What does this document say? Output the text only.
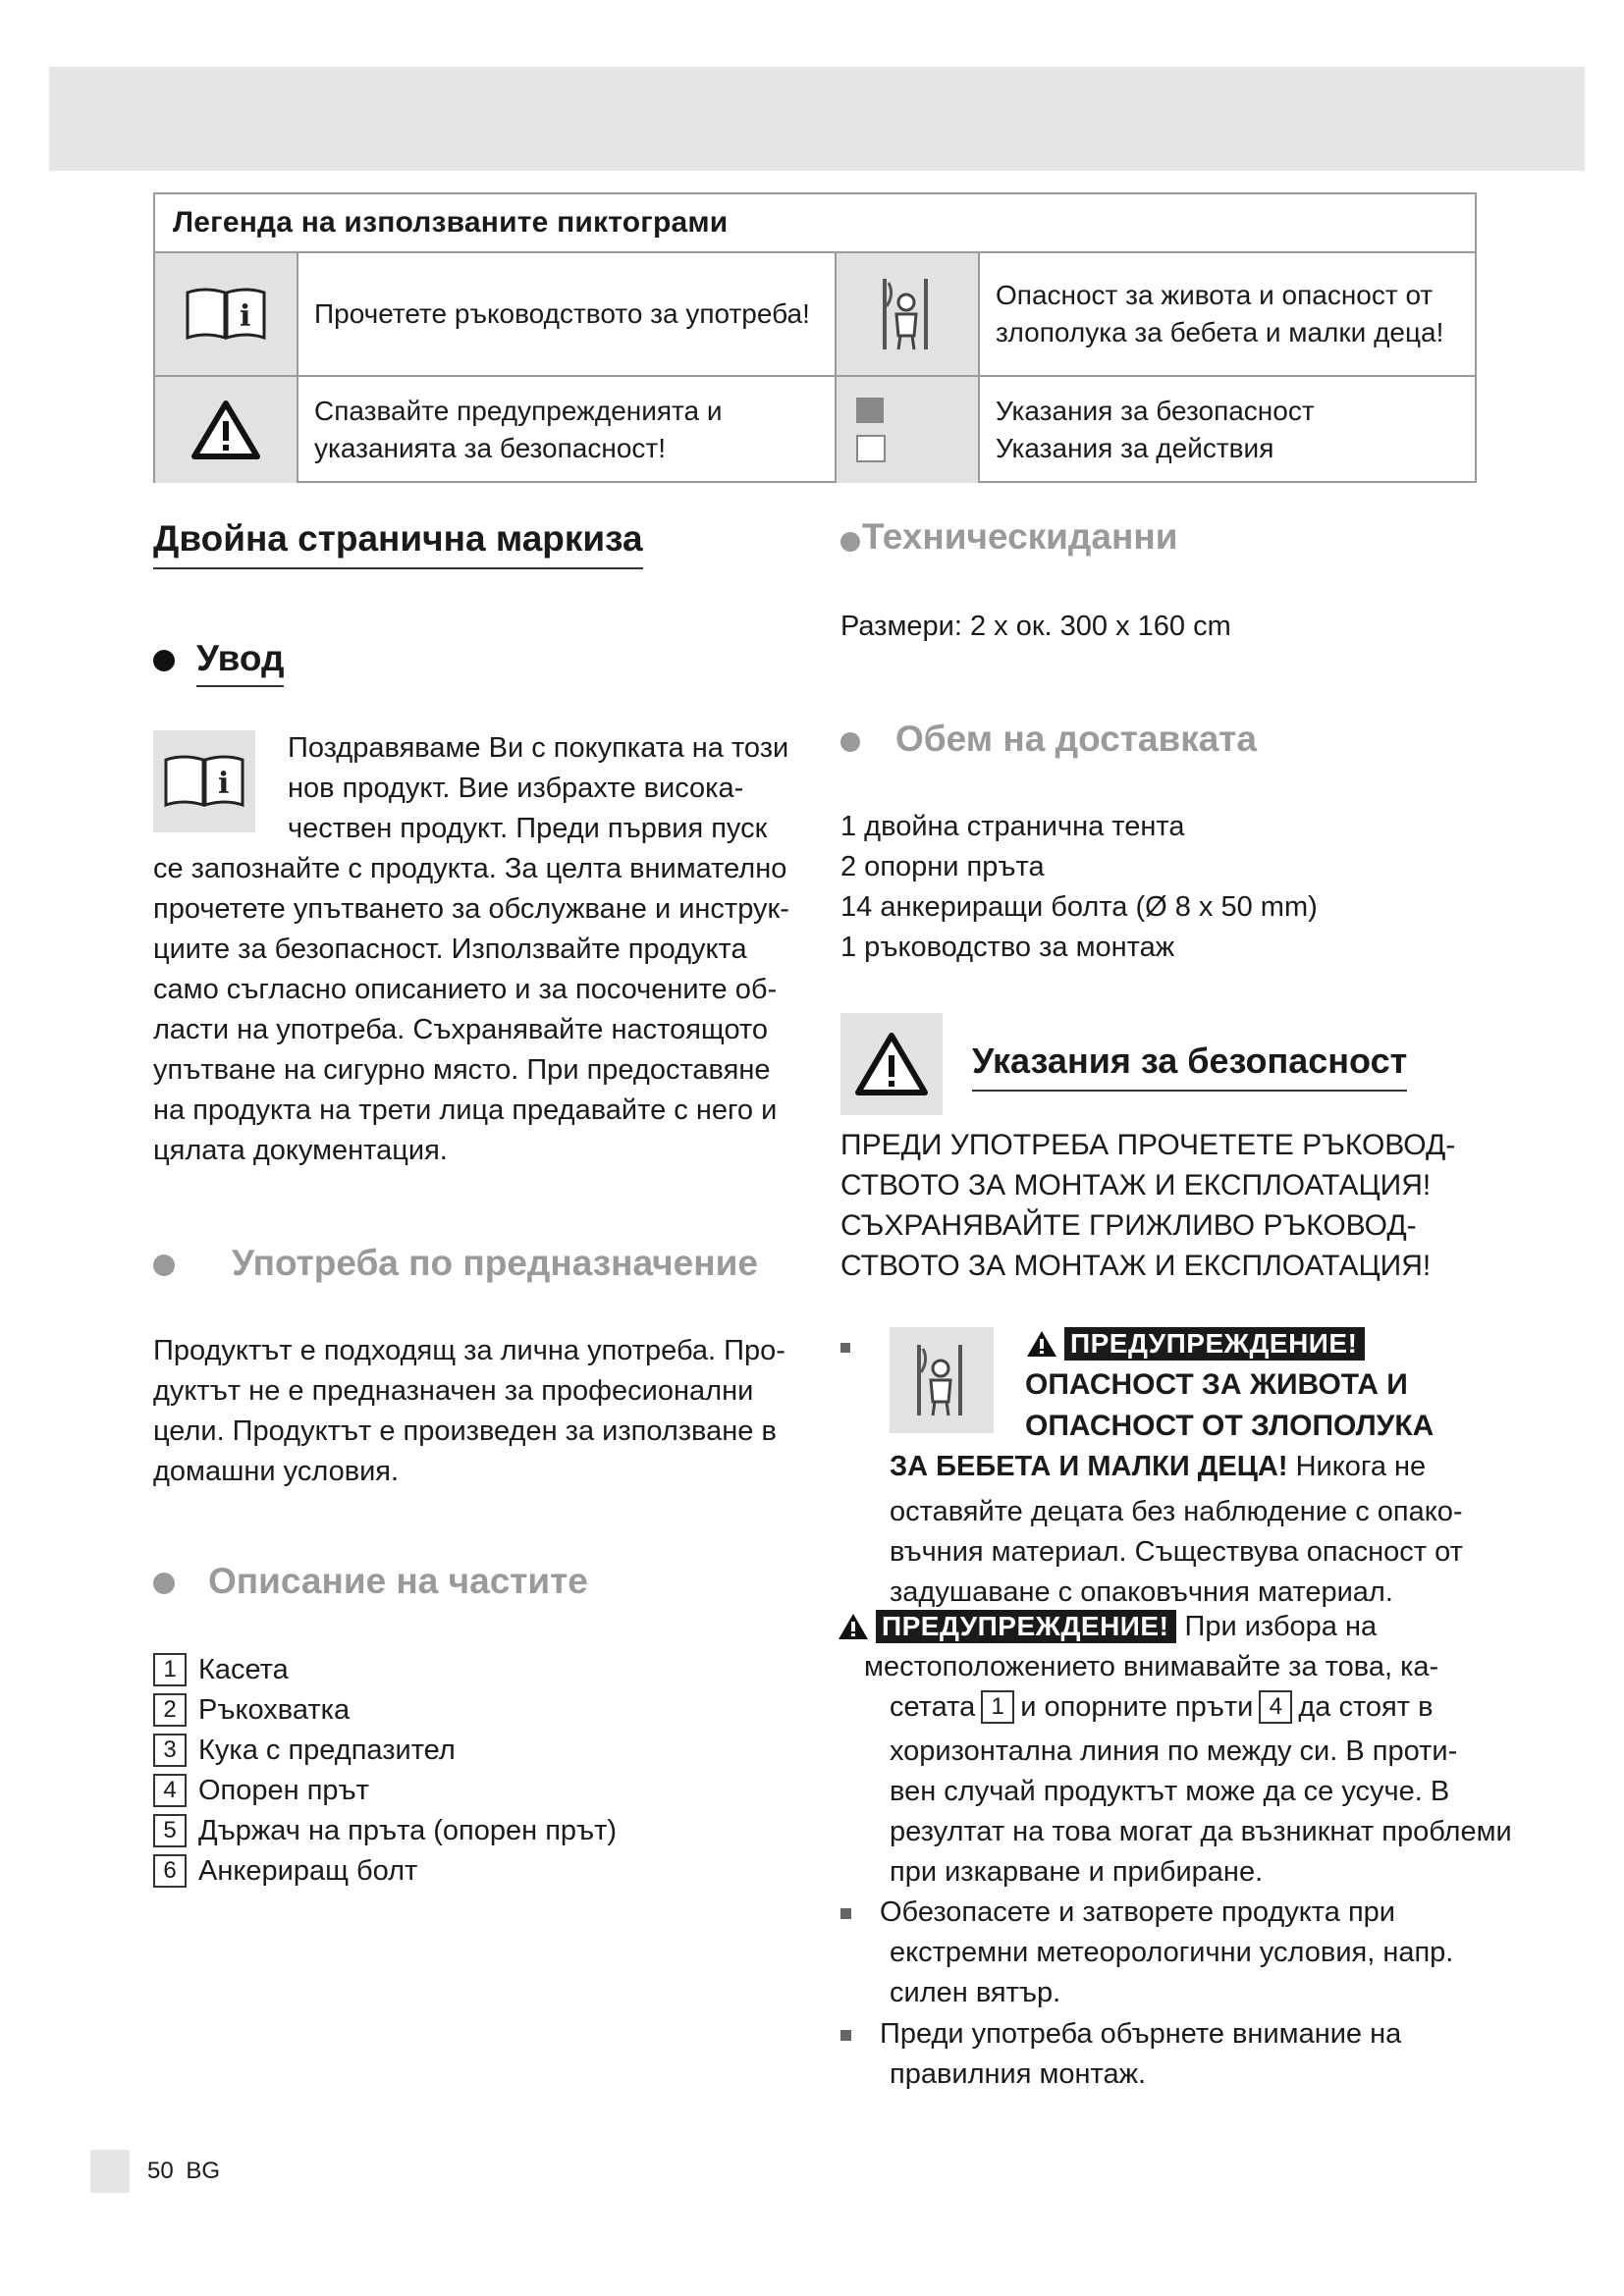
Легенда на използваните пиктограми
i	Прочетете ръководството за употреба!
Опасност за живота и опасност от злополука за бебета и малки деца!
Спазвайте предупрежденията и указанията за безопасност!
Указания за безопасност
Указания за действия
Двойна странична маркиза
Увод
i
Поздравяваме Ви с покупката на този
нов продукт. Вие избрахте висока-
чествен продукт. Преди първия пуск
се запознайте с продукта. За целта внимателно
прочетете упътването за обслужване и инструк-
циите за безопасност. Използвайте продукта
само съгласно описанието и за посочените об-
ласти на употреба. Съхранявайте настоящото
упътване на сигурно място. При предоставяне
на продукта на трети лица предавайте с него и
цялата документация.
Употреба по предназначение
Продуктът е подходящ за лична употреба. Про-
дуктът не е предназначен за професионални
цели. Продуктът е произведен за използване в
домашни условия.
Описание на частите
1 Касета
2 Ръкохватка
3 Кука с предпазител
4 Опорен прът
5 Държач на пръта (опорен прът)
6 Анкериращ болт
Техническиданни
Размери: 2 x ок. 300 x 160 cm
Обем на доставката
1 двойна странична тента
2 опорни пръта
14 анкериращи болта (Ø 8 x 50 mm)
1 ръководство за монтаж
Указания за безопасност
ПРЕДИ УПОТРЕБА ПРОЧЕТЕТЕ РЪКОВОД-
СТВОТО ЗА МОНТАЖ И ЕКСПЛОАТАЦИЯ!
СЪХРАНЯВАЙТЕ ГРИЖЛИВО РЪКОВОД-
СТВОТО ЗА МОНТАЖ И ЕКСПЛОАТАЦИЯ!
ПРЕДУПРЕЖДЕНИЕ!
ОПАСНОСТ ЗА ЖИВОТА И
ОПАСНОСТ ОТ ЗЛОПОЛУКА
ЗА БЕБЕТА И МАЛКИ ДЕЦА! Никога не
оставяйте децата без наблюдение с опако-
въчния материал. Съществува опасност от
задушаване с опаковъчния материал.
ПРЕДУПРЕЖДЕНИЕ! При избора на
местоположението внимавайте за това, ка-
сетата 1 и опорните пръти 4 да стоят в
хоризонтална линия по между си. В проти-
вен случай продуктът може да се усуче. В
резултат на това могат да възникнат проблеми
при изкарване и прибиране.
Обезопасете и затворете продукта при
екстремни метеорологични условия, напр.
силен вятър.
Преди употреба обърнете внимание на
правилния монтаж.
50 BG
